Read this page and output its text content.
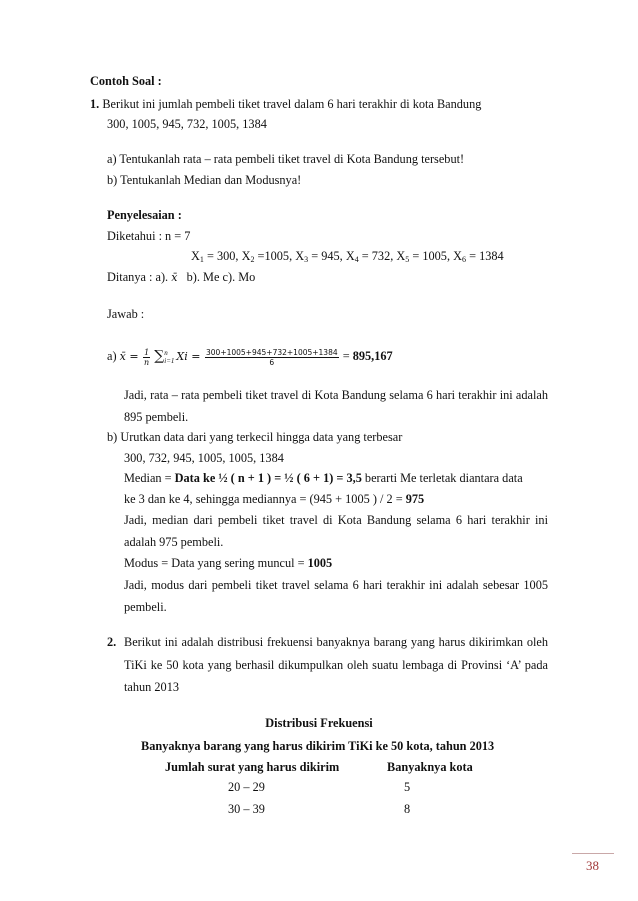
Contoh Soal :
1. Berikut ini jumlah pembeli tiket travel dalam 6 hari terakhir di kota Bandung
300, 1005, 945, 732, 1005, 1384
a) Tentukanlah rata – rata pembeli tiket travel di Kota Bandung tersebut!
b) Tentukanlah Median dan Modusnya!
Penyelesaian :
Diketahui : n = 7
$X_1 = 300$, $X_2 =1005$, $X_3 = 945$, $X_4 = 732$, $X_5 = 1005$, $X_6 = 1384$
Ditanya : a). x̄ b). Me c). Mo
Jawab :
a) x̄ = $\frac{1}{n}$ ∑ n
i=1 $Xi = \frac{300+1005+945+732+1005+1384}{6} = 895,167$
Jadi, rata – rata pembeli tiket travel di Kota Bandung selama 6 hari terakhir ini adalah
895 pembeli.
b) Urutkan data dari yang terkecil hingga data yang terbesar
300, 732, 945, 1005, 1005, 1384
Median = Data ke ½ ( n + 1 ) = ½ ( 6 + 1) = 3,5 berarti Me terletak diantara data
ke 3 dan ke 4, sehingga mediannya = (945 + 1005 ) / 2 = 975
Jadi, median dari pembeli tiket travel di Kota Bandung selama 6 hari terakhir ini
adalah 975 pembeli.
Modus = Data yang sering muncul = 1005
Jadi, modus dari pembeli tiket travel selama 6 hari terakhir ini adalah sebesar 1005
pembeli.
2. Berikut ini adalah distribusi frekuensi banyaknya barang yang harus dikirimkan oleh
TiKi ke 50 kota yang berhasil dikumpulkan oleh suatu lembaga di Provinsi ‘A’ pada
tahun 2013
Distribusi Frekuensi
Banyaknya barang yang harus dikirim TiKi ke 50 kota, tahun 2013
Jumlah surat yang harus dikirim	Banyaknya kota
20 – 29	5
30 – 39	8
38
